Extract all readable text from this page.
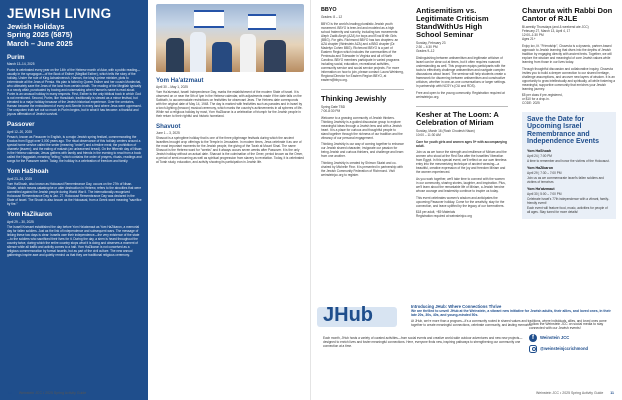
JEWISH LIVING
Jewish Holidays
Spring 2025 (5875)
March – June 2025
Purim
March 13–14, 2025
Purim is celebrated every year on the 14th of the Hebrew month of Adar, with a public reading—usually in the synagogue—of the Book of Esther (Megillat Esther), which tells the story of the holiday. Under the rule of King Achashverosh, Haman, the king's prime minister, plots to exterminate all the Jews of Persia. His plan is foiled by Queen Esther and her cousin Mordechai, who ultimately save the Jews of the land from certain death. The reading of the Megillah typically is a rowdy affair, punctuated by booing and noisemaking when Haman's name is read aloud. Purim is an unusual holiday in many respects. First, Esther is the only biblical book in which God is not mentioned. Second, Purim, like Hanukkah, traditionally is viewed as a minor festival, but elevated to a major holiday because of the Jewish historical experience. Over the centuries, Haman became the embodiment of every anti-Semite in every land where Jews were oppressed. The unspoken truth set out so much in Purim begins, but in what it has become: a thankful and joyous affirmation of Jewish survival.
Passover
April 12–20, 2025
Pesach, known as Passover in English, is a major Jewish spring festival, commemorating the Exodus from Egypt over 3,000 years ago. The ritual observance of this holiday centers around a special home service called the seder (meaning "order") and a festive meal; the prohibition of chametz (leaven); and the eating of matzah (an unleavened bread). On the fifteenth day of Nisan in the Hebrew calendar, Jesus gathers with family and friends in the evening to read from a book called the Haggadah, meaning "telling," which contains the order of prayers, rituals, readings and songs for the Passover seder. Today, the holiday is a celebration of freedom and family.
Yom HaShoah
April 23–24, 2025
Yom HaShoah, also known as Holocaust Remembrance Day, occurs on the 27th of Nisan. Shoah, which means catastrophe or utter destruction in Hebrew, refers to the atrocities that were committed against the Jewish people during World War II. The internationally-recognized Holocaust Remembrance Day is Jan. 27. Holocaust Remembrance Day was declared in the State of Israel. The Shoah is also known as the Holocaust, from a Greek word meaning "sacrifice by fire."
Yom HaZikaron
April 29 – 30, 2025
The Israeli Knesset established the day before Yom Ha'atzmaut as Yom HaZikaron, a memorial day for fallen soldiers. Just as the link of independence and subsequent wars. The message of linking these two days is clear: Israelis owe their independence—the very existence of the state—to the soldiers who sacrificed their lives for it. During the day, a siren is heard throughout the country twice, during which the entire country stops what it is doing and observes a moment of silence while all traffic and activity comes to a halt. Yom HaZikaron is not conceived as a religious commemoration by formal Israelis, but as part of the civil culture. The new annual gatherings inspire awe and quietly remind us that they are traditional religious ceremony.
Yom Ha'atzmaut
April 30 – May 1, 2025
Yom Ha'atzmaut, Israeli Independence Day, marks the establishment of the modern State of Israel. It is observed on or near the 5th of Iyar in the Hebrew calendar, with adjustments made if the date falls on the Sabbath, to accommodate restrictions on festivities for observant Jews. The Hebrew date corresponds with the original date of May 14, 1948. The day is marked with festivities such as parades and in Israel by a torch-lighting (beacon) musical ceremony, which marks the country's achievements in all spheres of life. While not a religious holiday by most, Yom HaZikaron is a celebration of triumph for the Jewish people in their return to their rightful and historic homeland.
Shavuot
June 1 – 3, 2025
Shavuot is a springtime holiday that is one of the three pilgrimage festivals during which the ancient Israelites brought crop offerings to the Temple in Jerusalem. In modern times, Jews celebrate it as one of the most important moments for the Jewish people, the giving of the Torah at Mount Sinai. The name Shavuot is the Hebrew word for "weeks" and it always occurs seven weeks after Passover. It is the only Jewish holiday without an actual date. Shavuot is the culmination of the Omer, period known as the Omer, a period of semi-mourning as well as spiritual progression from slavery to revelation. Today, it is celebrated at Torah study, education, and activity showing its participation in Jewish life.
10 Weinstein JCC • 2025 Spring Activity Guide
BBYO
Grades: 8 – 12
BBYO is the world's leading pluralistic Jewish youth movement. BBYO is teen-led and modeled as a high school fraternity and sorority, including two movements: Aleph Zadik Aleph (AZA) for boys and B'nai B'rith Girls (BBG). For girls. Richmond BBYO has two chapters: an AZA chapter (Weinstein AZA) and a BBG chapter (Dr. Madelyn Cohen BBG). Richmond BBYO is a part of Eastern Region which includes the communities of the Peninsula and Tidewater in Virginia and all of North Carolina. BBYO members participate in varied programs including social, education, recreational activities, community service and social service projects. For more information on how to join, please contact: Laura Weinberg, Regional Director for Eastern Region BBYO, at eastern@bbyo.org.
Thinking Jewishly
Spring Date TBD
7:00-8:30 PM
Welcome to a growing community of Jewish thinkers. Thinking Jewishly is a guided discussion group to explore meaningful ideas through a Jewish lens and with a Jewish heart. It is a place for curious and thoughtful people to stand together through the richness of our tradition and the vibrancy of our personal engagement.
Thinking Jewishly is our way of coming together to enhance our Jewish shared character, invigorate our passion for being Jewish and curious thinkers, and challenge and learn from one another.
Thinking Jewishly is created by Shimon Skaist and co-chaired by Michelle Firor. It is presented in partnership with the Jewish Community Federation of Richmond. Visit weinsteinjcc.org to register.
Antisemitism vs. Legitimate Criticism StandWithUs High School Seminar
Sunday, February 23
2:30 – 4:30 PM
Grades 9–12
Distinguishing between antisemitism and legitimate criticism of Israel can be clear cut at times, but it often requires nuanced understanding as well. This program equips participants with the tools to effectively challenge antisemitism and navigate complex discussions about Israel. The seminar will help students create a framework for discerning between antisemitism and constructive criticism, whether in one-on-one conversations or larger settings. In partnership with NCSY's (OU and RDS).
Free and open to the young community. Registration required at weinsteinjcc.org.
Kesher at The Loom: A Celebration of Miriam
Sunday, March 16 (Rosh Chodesh Nisan)
10:00 – 11:30 AM
Care for youth girls and women ages 5+ with accompanying adult.
Join us as we honor the strength and resilience of Miriam and the women who stood at the Red Sea after the Israelites' liberation from Egypt. In this special event, we'll reflect on our own timeless entry into the mesmerizing technique of ancient weaving—a beautiful, creative expression of the joy and freedom Miriam and the women experienced.
As you work together, we'll take time to connect with the women in our community, sharing stories, laughter, and inspiration. Plus, we'll learn about the remarkable life of Miriam, a Jewish heroine whose courage and leadership continue to inspire us today.
This event celebrates women's wisdom and anticipates the upcoming Passover holiday. Come for the creativity, stay for the connection, and leave uplifted by the legacy of our foremothers.
$18 per adult, +$9 Materials
Registration required at weinsteinjcc.org
Chavruta with Rabbi Don Cantor of RJLE
Bi-weekly Thursdays (and & weekend ate JCC)
February 27, March 13, April 4, 17
12:00–1:30 PM
Ages 21+
Enjoy lox, lit. "Friendship", Chavruta is a dynamic, partner-based approach to Jewish learning that dives into the depths of Jewish tradition by engaging directly with ancient texts. Together, we will explore the wisdom and meaningful of core Jewish values while learning from those in our lives today.
Through thoughtful discussion and collaborative inquiry, Chavruta invites you to build a deeper connection to our shared heritage, challenge assumptions, and uncover new layers of wisdom. It is an opportunity to grow intellectually and spiritually, all while fostering a meaningful, supportive community that enriches your Jewish learning journey.
$5 per class if pre-registered,
or $10 for a drop-in.
CODE: 2025
Save the Date for Upcoming Israel Remembrance and Independence Events
Yom HaShoah
April 24 | 7:00 PM
A time to remember and honor the victims of the Holocaust.
Yom HaZikaron
April 29 | 7:30 – 7:00 PM
Join us as we commemorate Israel's fallen soldiers and victims of terrorism.
Yom Ha'atzmaut
April 30 | 5:00 – 7:00 PM
Celebrate Israel's 77th independence with a vibrant, family-friendly event!
Each event will feature food, music, activities for people of all ages. Stay tuned for more details!
JHub	Introducing JHub: Where Connections Thrive
We are thrilled to unveil JHub at the Weinstein, a vibrant new initiative for Jewish adults, their allies, and loved ones, in their late 20s, 30s, 40s, and young-minded 50s.
At JHub, we're more than a program—it's a community rooted in shared values and traditions, where individuals, allies, and loved ones come together to create meaningful connections, celebrate community, and lasting memories.
Each month, JHub hosts a variety of curated activities—from social events and creative world-wide outdoor adventures and new new projects—designed to enrich lives and foster meaningful connections. Here, everyone finds new, inspiring pathways to strengthening our community one connection at a time.
Follow the Weinstein JCC on social media to stay connected with our Jewish events!
f	Weinstein JCC
@weinsteinjccrichmond
Weinstein JCC • 2025 Spring Activity Guide 11
